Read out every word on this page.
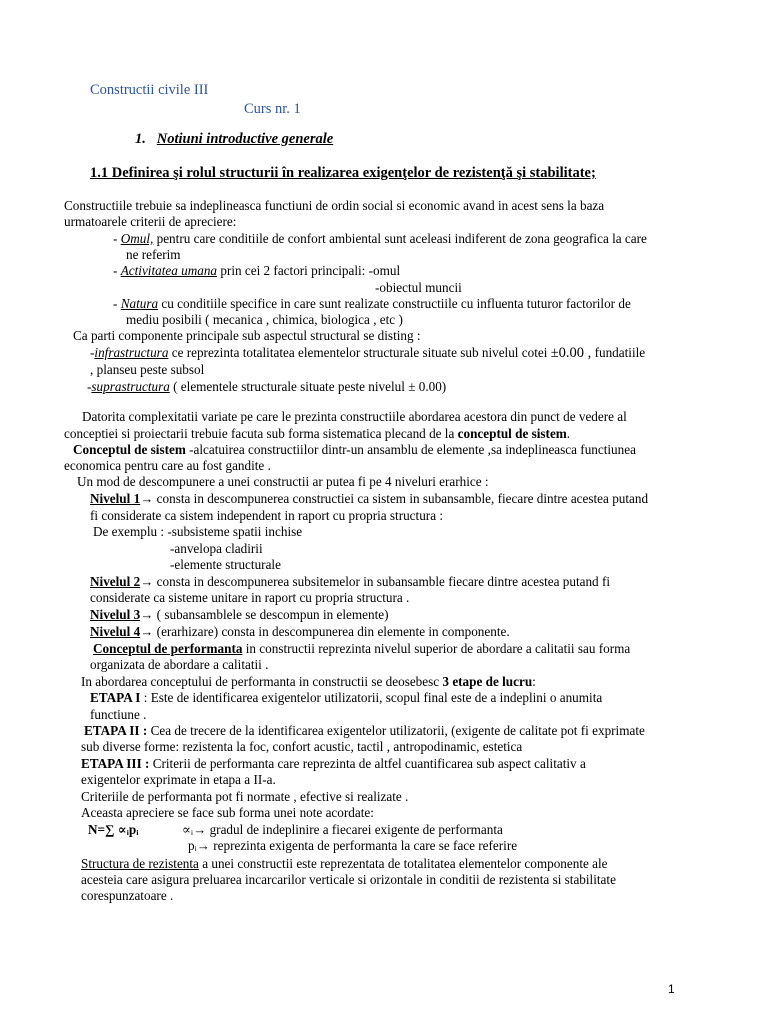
Constructii civile III
Curs nr. 1
1. Notiuni introductive generale
1.1 Definirea şi rolul structurii în realizarea exigenţelor de rezistenţă şi stabilitate;
Constructiile trebuie sa indeplineasca functiuni de ordin social si economic avand in acest sens la baza
urmatoarele criterii de apreciere:
- Omul, pentru care conditiile de confort ambiental sunt aceleasi indiferent de zona geografica la care
ne referim
- Activitatea umana prin cei 2 factori principali: -omul
-obiectul muncii
- Natura cu conditiile specifice in care sunt realizate constructiile cu influenta tuturor factorilor de
mediu posibili ( mecanica , chimica, biologica , etc )
Ca parti componente principale sub aspectul structural se disting :
-infrastructura ce reprezinta totalitatea elementelor structurale situate sub nivelul cotei ±0.00 , fundatiile
, planseu peste subsol
-suprastructura ( elementele structurale situate peste nivelul ± 0.00)
Datorita complexitatii variate pe care le prezinta constructiile abordarea acestora din punct de vedere al
conceptiei si proiectarii trebuie facuta sub forma sistematica plecand de la conceptul de sistem.
Conceptul de sistem -alcatuirea constructiilor dintr-un ansamblu de elemente ,sa indeplineasca functiunea
economica pentru care au fost gandite .
Un mod de descompunere a unei constructii ar putea fi pe 4 niveluri erarhice :
Nivelul 1→ consta in descompunerea constructiei ca sistem in subansamble, fiecare dintre acestea putand
fi considerate ca sistem independent in raport cu propria structura :
De exemplu : -subsisteme spatii inchise
-anvelopa cladirii
-elemente structurale
Nivelul 2→ consta in descompunerea subsitemelor in subansamble fiecare dintre acestea putand fi
considerate ca sisteme unitare in raport cu propria structura .
Nivelul 3→ ( subansamblele se descompun in elemente)
Nivelul 4→ (erarhizare) consta in descompunerea din elemente in componente.
Conceptul de performanta in constructii reprezinta nivelul superior de abordare a calitatii sau forma
organizata de abordare a calitatii .
In abordarea conceptului de performanta in constructii se deosebesc 3 etape de lucru:
ETAPA I : Este de identificarea exigentelor utilizatorii, scopul final este de a indeplini o anumita
functiune .
ETAPA II : Cea de trecere de la identificarea exigentelor utilizatorii, (exigente de calitate pot fi exprimate
sub diverse forme: rezistenta la foc, confort acustic, tactil , antropodinamic, estetica
ETAPA III : Criterii de performanta care reprezinta de altfel cuantificarea sub aspect calitativ a
exigentelor exprimate in etapa a II-a.
Criteriile de performanta pot fi normate , efective si realizate .
Aceasta apreciere se face sub forma unei note acordate:
N=∑ ∝ᵢpᵢ	∝ᵢ→ gradul de indeplinire a fiecarei exigente de performanta
pᵢ→ reprezinta exigenta de performanta la care se face referire
Structura de rezistenta a unei constructii este reprezentata de totalitatea elementelor componente ale
acesteia care asigura preluarea incarcarilor verticale si orizontale in conditii de rezistenta si stabilitate
corespunzatoare .
1
